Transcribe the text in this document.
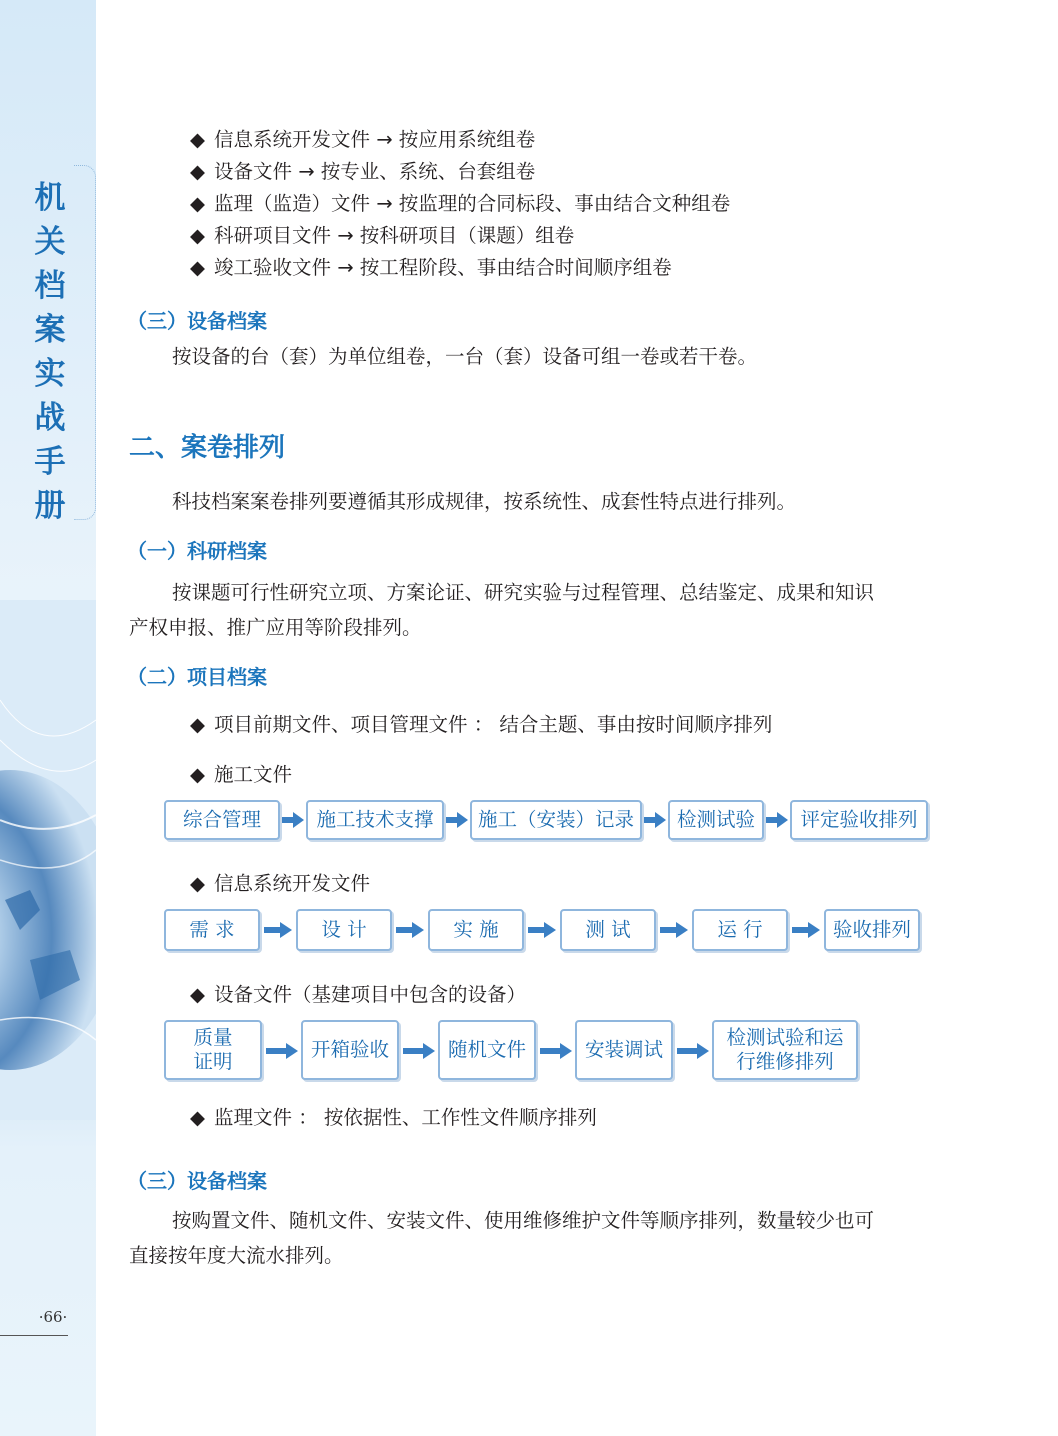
机
关
档
案
实
战
手
册
·66·
◆ 信息系统开发文件 → 按应用系统组卷
◆ 设备文件 → 按专业、系统、台套组卷
◆ 监理（监造）文件 → 按监理的合同标段、事由结合文种组卷
◆ 科研项目文件 → 按科研项目（课题）组卷
◆ 竣工验收文件 → 按工程阶段、事由结合时间顺序组卷
（三）设备档案
按设备的台（套）为单位组卷，一台（套）设备可组一卷或若干卷。
二、案卷排列
科技档案案卷排列要遵循其形成规律，按系统性、成套性特点进行排列。
（一）科研档案
按课题可行性研究立项、方案论证、研究实验与过程管理、总结鉴定、成果和知识
产权申报、推广应用等阶段排列。
（二）项目档案
◆ 项目前期文件、项目管理文件 ： 结合主题、事由按时间顺序排列
◆ 施工文件
综合管理	施工技术支撑	施工（安装）记录	检测试验	评定验收排列
◆ 信息系统开发文件
需 求	设 计	实 施	测 试	运 行	验收排列
◆ 设备文件（基建项目中包含的设备）
质量
证明
开箱验收	随机文件	安装调试
检测试验和运
行维修排列
◆ 监理文件 ： 按依据性、工作性文件顺序排列
（三）设备档案
按购置文件、随机文件、安装文件、使用维修维护文件等顺序排列，数量较少也可
直接按年度大流水排列。
